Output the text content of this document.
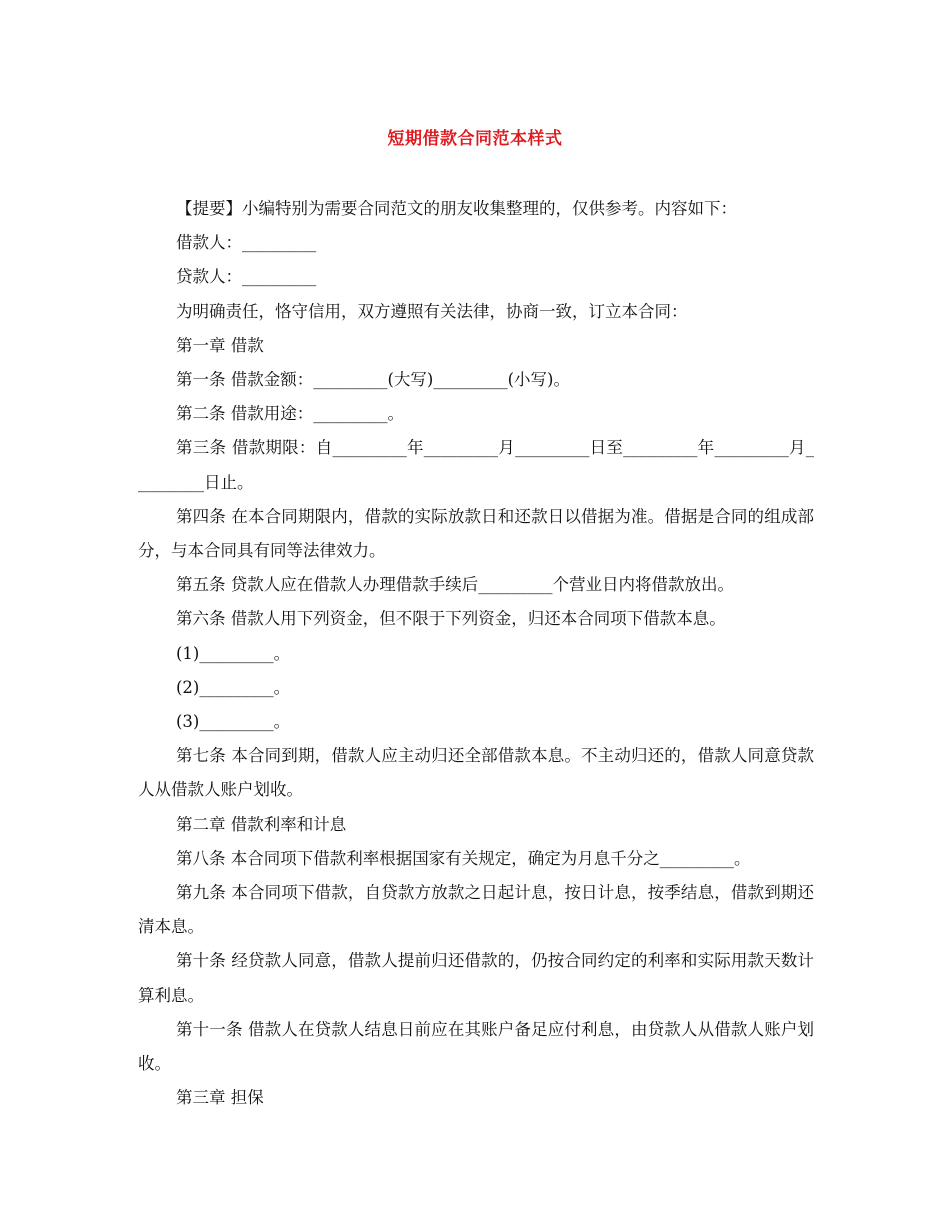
短期借款合同范本样式

【提要】小编特别为需要合同范文的朋友收集整理的，仅供参考。内容如下：

借款人：_________

贷款人：_________

为明确责任，恪守信用，双方遵照有关法律，协商一致，订立本合同：

第一章 借款

第一条 借款金额：_________(大写)_________(小写)。

第二条 借款用途：_________。

第三条 借款期限：自_________年_________月_________日至_________年_________月_________日止。

第四条 在本合同期限内，借款的实际放款日和还款日以借据为准。借据是合同的组成部分，与本合同具有同等法律效力。

第五条 贷款人应在借款人办理借款手续后_________个营业日内将借款放出。

第六条 借款人用下列资金，但不限于下列资金，归还本合同项下借款本息。

(1)_________。

(2)_________。

(3)_________。

第七条 本合同到期，借款人应主动归还全部借款本息。不主动归还的，借款人同意贷款人从借款人账户划收。

第二章 借款利率和计息

第八条 本合同项下借款利率根据国家有关规定，确定为月息千分之_________。

第九条 本合同项下借款，自贷款方放款之日起计息，按日计息，按季结息，借款到期还清本息。

第十条 经贷款人同意，借款人提前归还借款的，仍按合同约定的利率和实际用款天数计算利息。

第十一条 借款人在贷款人结息日前应在其账户备足应付利息，由贷款人从借款人账户划收。

第三章 担保
